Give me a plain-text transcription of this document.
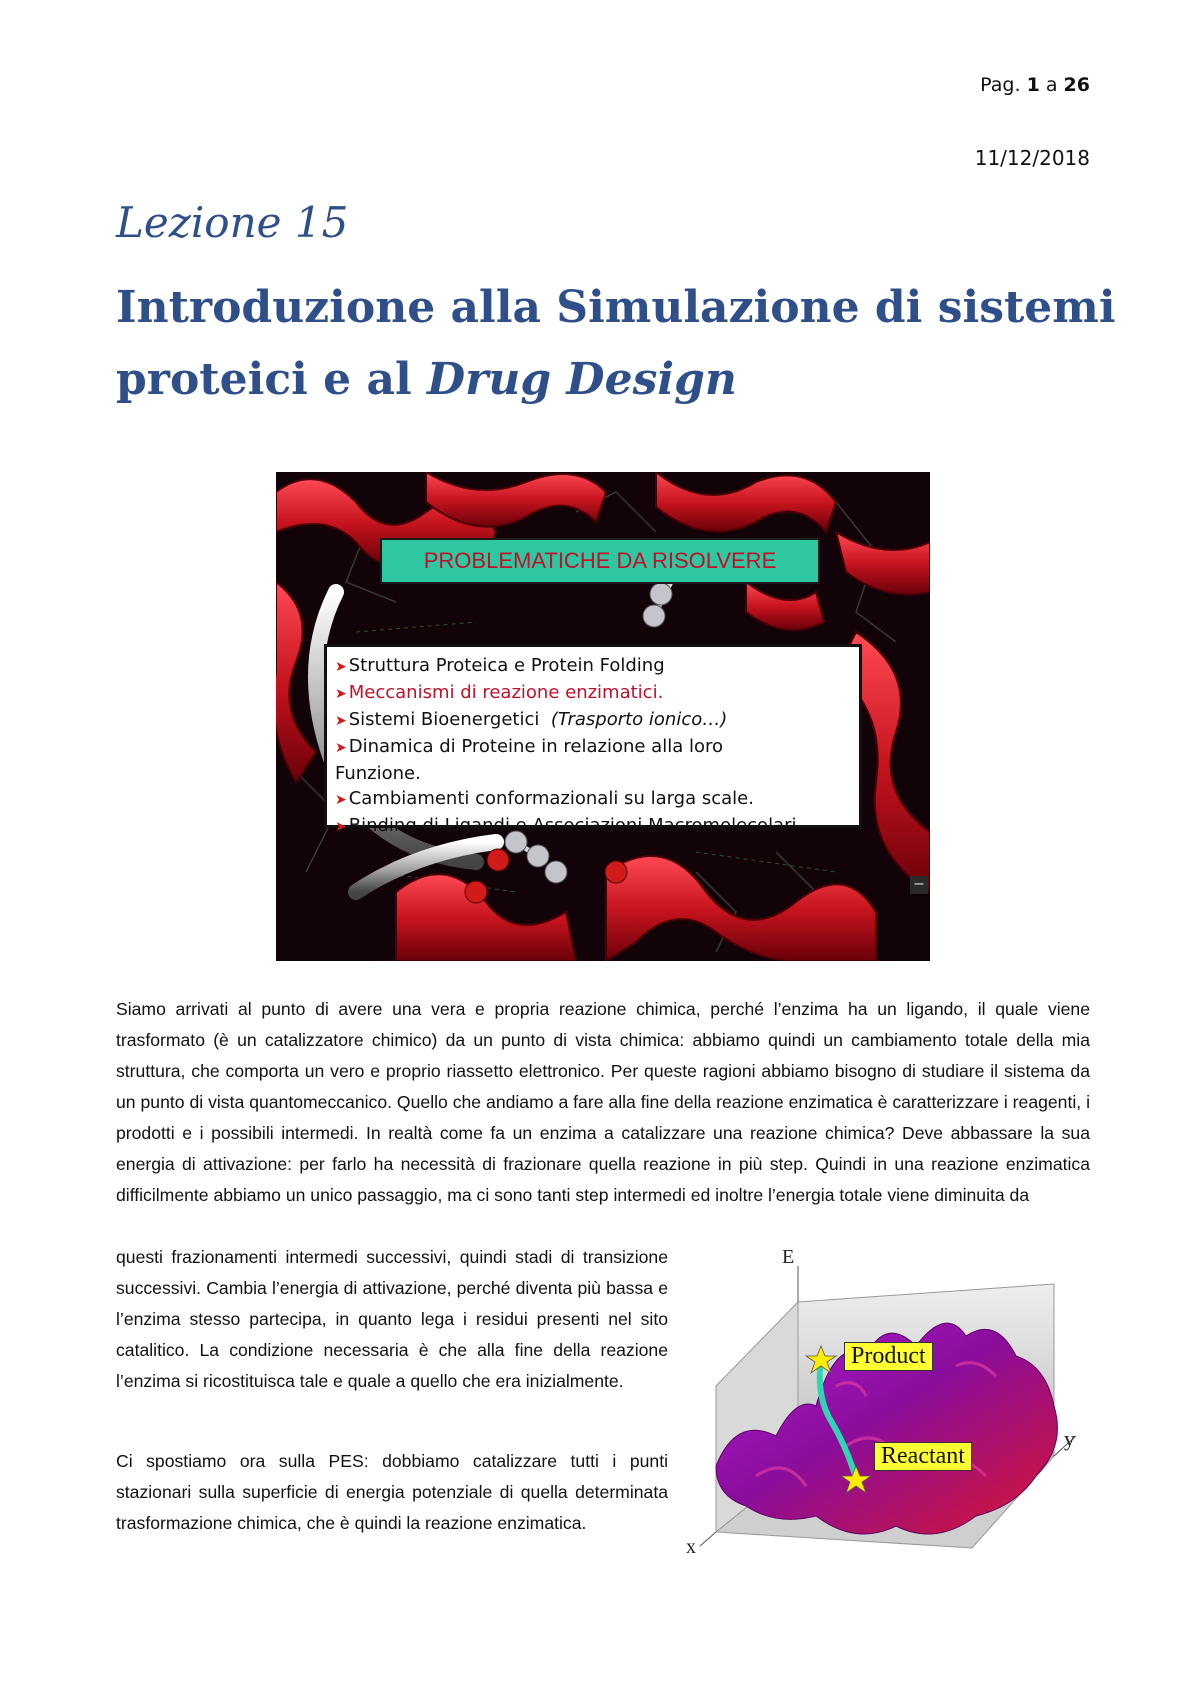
Pag. 1 a 26
11/12/2018
Lezione 15
Introduzione alla Simulazione di sistemi
proteici e al Drug Design
PROBLEMATICHE DA RISOLVERE
➤ Struttura Proteica e Protein Folding
➤ Meccanismi di reazione enzimatici.
➤ Sistemi Bioenergetici (Trasporto ionico…)
➤ Dinamica di Proteine in relazione alla loro
Funzione.
➤ Cambiamenti conformazionali su larga scale.
➤ Binding di Ligandi e Associazioni Macromolecolari
–

Siamo arrivati al punto di avere una vera e propria reazione chimica, perché l’enzima ha un ligando, il quale viene trasformato (è un catalizzatore chimico) da un punto di vista chimica: abbiamo quindi un cambiamento totale della mia struttura, che comporta un vero e proprio riassetto elettronico. Per queste ragioni abbiamo bisogno di studiare il sistema da un punto di vista quantomeccanico. Quello che andiamo a fare alla fine della reazione enzimatica è caratterizzare i reagenti, i prodotti e i possibili intermedi. In realtà come fa un enzima a catalizzare una reazione chimica? Deve abbassare la sua energia di attivazione: per farlo ha necessità di frazionare quella reazione in più step. Quindi in una reazione enzimatica difficilmente abbiamo un unico passaggio, ma ci sono tanti step intermedi ed inoltre l’energia totale viene diminuita da

questi frazionamenti intermedi successivi, quindi stadi di transizione successivi. Cambia l’energia di attivazione, perché diventa più bassa e l’enzima stesso partecipa, in quanto lega i residui presenti nel sito catalitico. La condizione necessaria è che alla fine della reazione l’enzima si ricostituisca tale e quale a quello che era inizialmente.

Ci spostiamo ora sulla PES: dobbiamo catalizzare tutti i punti stazionari sulla superficie di energia potenziale di quella determinata trasformazione chimica, che è quindi la reazione enzimatica.

E
y
x
Product
Reactant
